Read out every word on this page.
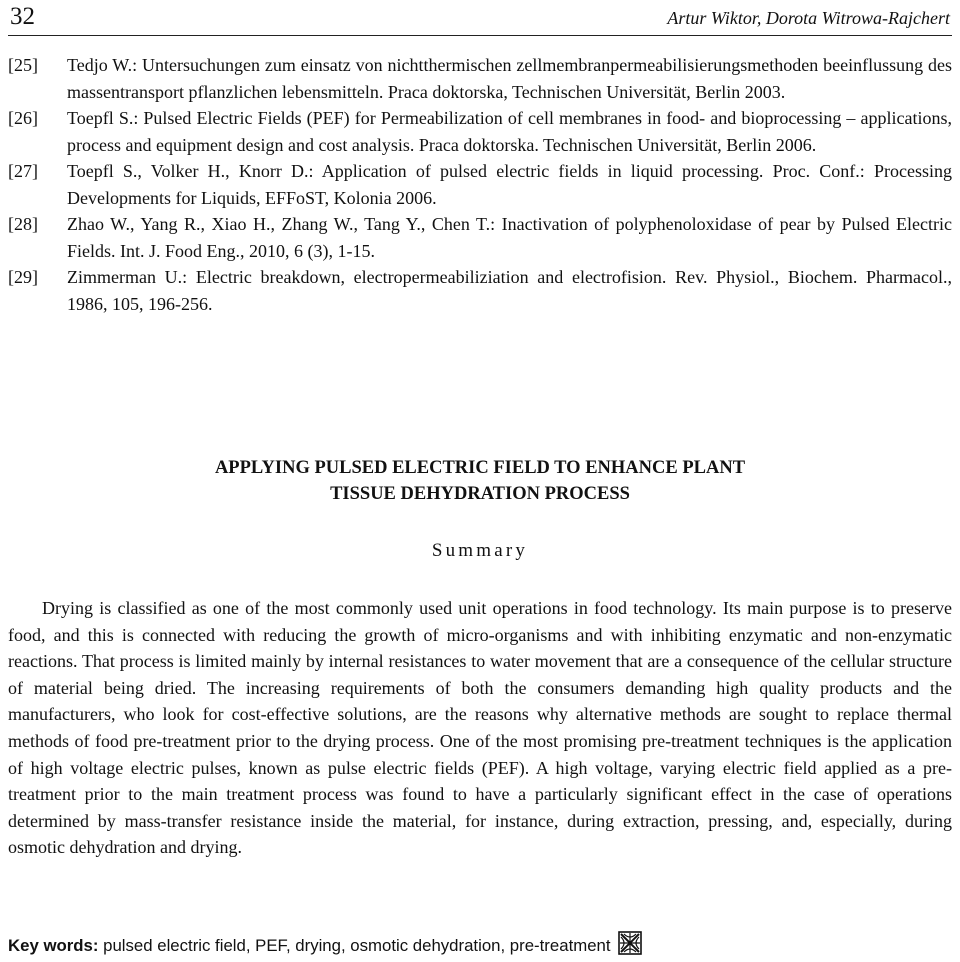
32	Artur Wiktor, Dorota Witrowa-Rajchert
[25] Tedjo W.: Untersuchungen zum einsatz von nichtthermischen zellmembranpermeabilisierungsmethoden beeinflussung des massentransport pflanzlichen lebensmitteln. Praca doktorska, Technischen Universität, Berlin 2003.
[26] Toepfl S.: Pulsed Electric Fields (PEF) for Permeabilization of cell membranes in food- and bioprocessing – applications, process and equipment design and cost analysis. Praca doktorska. Technischen Universität, Berlin 2006.
[27] Toepfl S., Volker H., Knorr D.: Application of pulsed electric fields in liquid processing. Proc. Conf.: Processing Developments for Liquids, EFFoST, Kolonia 2006.
[28] Zhao W., Yang R., Xiao H., Zhang W., Tang Y., Chen T.: Inactivation of polyphenoloxidase of pear by Pulsed Electric Fields. Int. J. Food Eng., 2010, 6 (3), 1-15.
[29] Zimmerman U.: Electric breakdown, electropermeabiliziation and electrofision. Rev. Physiol., Biochem. Pharmacol., 1986, 105, 196-256.
APPLYING PULSED ELECTRIC FIELD TO ENHANCE PLANT
TISSUE DEHYDRATION PROCESS
Summary
Drying is classified as one of the most commonly used unit operations in food technology. Its main purpose is to preserve food, and this is connected with reducing the growth of micro-organisms and with inhibiting enzymatic and non-enzymatic reactions. That process is limited mainly by internal resistances to water movement that are a consequence of the cellular structure of material being dried. The increasing requirements of both the consumers demanding high quality products and the manufacturers, who look for cost-effective solutions, are the reasons why alternative methods are sought to replace thermal methods of food pre-treatment prior to the drying process. One of the most promising pre-treatment techniques is the application of high voltage electric pulses, known as pulse electric fields (PEF). A high voltage, varying electric field applied as a pre-treatment prior to the main treatment process was found to have a particularly significant effect in the case of operations determined by mass-transfer resistance inside the material, for instance, during extraction, pressing, and, especially, during osmotic dehydration and drying.
Key words: pulsed electric field, PEF, drying, osmotic dehydration, pre-treatment
